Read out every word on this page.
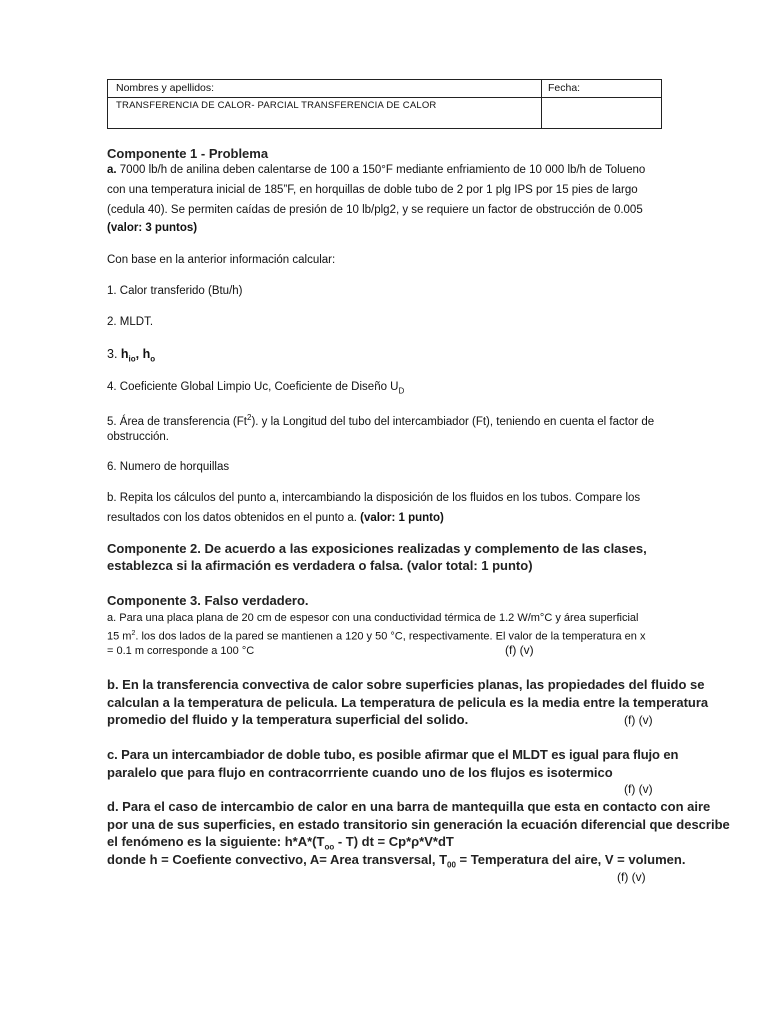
Nombres y apellidos:	Fecha:
TRANSFERENCIA DE CALOR- PARCIAL TRANSFERENCIA DE CALOR
Componente 1 - Problema
a. 7000 lb/h de anilina deben calentarse de 100 a 150°F mediante enfriamiento de 10 000 lb/h de Tolueno
con una temperatura inicial de 185”F, en horquillas de doble tubo de 2 por 1 plg IPS por 15 pies de largo
(cedula 40). Se permiten caídas de presión de 10 lb/plg2, y se requiere un factor de obstrucción de 0.005
(valor: 3 puntos)
Con base en la anterior información calcular:
1. Calor transferido (Btu/h)
2. MLDT.
3. $h_{io}$, $h_o$
4. Coeficiente Global Limpio Uc, Coeficiente de Diseño $U_D$
5. Área de transferencia (Ft$^2$). y la Longitud del tubo del intercambiador (Ft), teniendo en cuenta el factor de
obstrucción.
6. Numero de horquillas
b. Repita los cálculos del punto a, intercambiando la disposición de los fluidos en los tubos. Compare los
resultados con los datos obtenidos en el punto a. (valor: 1 punto)
Componente 2. De acuerdo a las exposiciones realizadas y complemento de las clases,
establezca si la afirmación es verdadera o falsa. (valor total: 1 punto)
Componente 3. Falso verdadero.
a. Para una placa plana de 20 cm de espesor con una conductividad térmica de 1.2 W/m°C y área superficial
15 $m^2$. los dos lados de la pared se mantienen a 120 y 50 °C, respectivamente. El valor de la temperatura en x
= 0.1 m corresponde a 100 °C	(f) (v)
b. En la transferencia convectiva de calor sobre superficies planas, las propiedades del fluido se
calculan a la temperatura de pelicula. La temperatura de pelicula es la media entre la temperatura
promedio del fluido y la temperatura superficial del solido.	(f) (v)
c. Para un intercambiador de doble tubo, es posible afirmar que el MLDT es igual para flujo en
paralelo que para flujo en contracorrriente cuando uno de los flujos es isotermico
(f) (v)
d. Para el caso de intercambio de calor en una barra de mantequilla que esta en contacto con aire
por una de sus superficies, en estado transitorio sin generación la ecuación diferencial que describe
el fenómeno es la siguiente: $h*A*(T_{oo} - T)$ dt = Cp*ρ*V*dT
donde h = Coefiente convectivo, A= Area transversal, $T_{00}$ = Temperatura del aire, V = volumen.
(f) (v)
